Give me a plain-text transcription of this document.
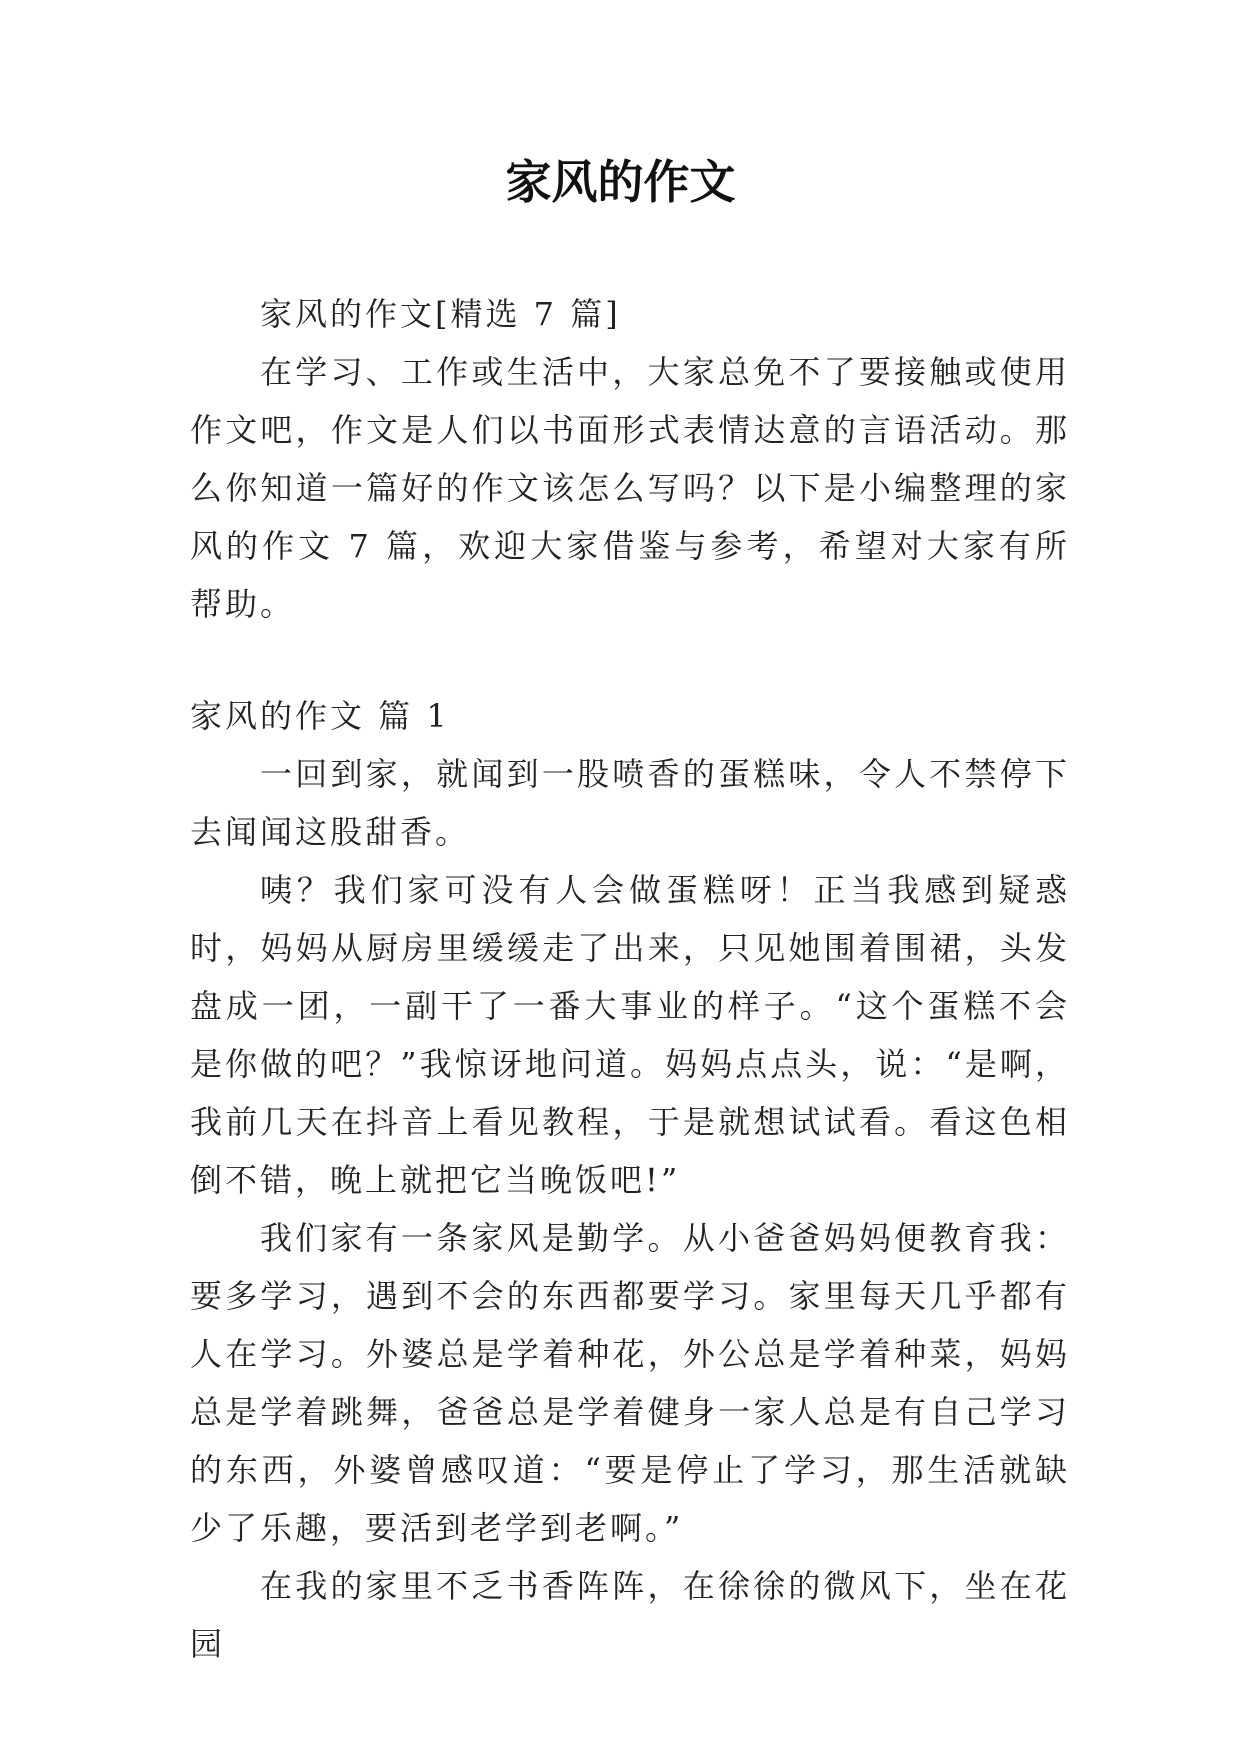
家风的作文

家风的作文[精选 7 篇]

在学习、工作或生活中，大家总免不了要接触或使用作文吧，作文是人们以书面形式表情达意的言语活动。那么你知道一篇好的作文该怎么写吗？以下是小编整理的家风的作文 7 篇，欢迎大家借鉴与参考，希望对大家有所帮助。

家风的作文 篇 1

一回到家，就闻到一股喷香的蛋糕味，令人不禁停下去闻闻这股甜香。

咦？我们家可没有人会做蛋糕呀！正当我感到疑惑时，妈妈从厨房里缓缓走了出来，只见她围着围裙，头发盘成一团，一副干了一番大事业的样子。“这个蛋糕不会是你做的吧？”我惊讶地问道。妈妈点点头，说：“是啊，我前几天在抖音上看见教程，于是就想试试看。看这色相倒不错，晚上就把它当晚饭吧!”

我们家有一条家风是勤学。从小爸爸妈妈便教育我：要多学习，遇到不会的东西都要学习。家里每天几乎都有人在学习。外婆总是学着种花，外公总是学着种菜，妈妈总是学着跳舞，爸爸总是学着健身一家人总是有自己学习的东西，外婆曾感叹道：“要是停止了学习，那生活就缺少了乐趣，要活到老学到老啊。”

在我的家里不乏书香阵阵，在徐徐的微风下，坐在花园
